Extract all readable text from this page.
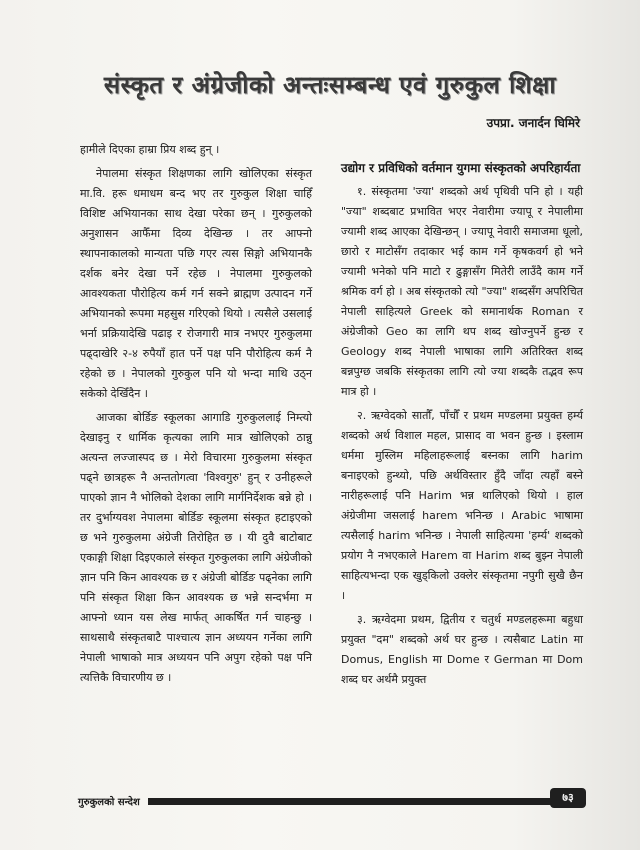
संस्कृत र अंग्रेजीको अन्तःसम्बन्ध एवं गुरुकुल शिक्षा
उपप्रा. जनार्दन घिमिरे

हामीले दिएका हाम्रा प्रिय शब्द हुन् ।

नेपालमा संस्कृत शिक्षणका लागि खोलिएका संस्कृत मा.वि. हरू धमाधम बन्द भए तर गुरुकुल शिक्षा चाहिँ विशिष्ट अभियानका साथ देखा परेका छन् । गुरुकुलको अनुशासन आफैँमा दिव्य देखिन्छ । तर आफ्नो स्थापनाकालको मान्यता पछि गएर त्यस सिङ्गो अभियानकै दर्शक बनेर देखा पर्ने रहेछ । नेपालमा गुरुकुलको आवश्यकता पौरोहित्य कर्म गर्न सक्ने ब्राह्मण उत्पादन गर्ने अभियानको रूपमा महसुस गरिएको थियो । त्यसैले उसलाई भर्ना प्रक्रियादेखि पढाइ र रोजगारी मात्र नभएर गुरुकुलमा पढ्दाखेरि २-४ रुपैयाँ हात पर्ने पक्ष पनि पौरोहित्य कर्म नै रहेको छ । नेपालको गुरुकुल पनि यो भन्दा माथि उठ्न सकेको देखिँदैन ।

आजका बोर्डिङ स्कूलका आगाडि गुरुकुललाई निम्त्यो देखाइनु र धार्मिक कृत्यका लागि मात्र खोलिएको ठान्नु अत्यन्त लज्जास्पद छ । मेरो विचारमा गुरुकुलमा संस्कृत पढ्ने छात्रहरू नै अन्ततोगत्वा 'विश्वगुरु' हुन् र उनीहरूले पाएको ज्ञान नै भोलिको देशका लागि मार्गनिर्देशक बन्ने हो । तर दुर्भाग्यवश नेपालमा बोर्डिङ स्कूलमा संस्कृत हटाइएको छ भने गुरुकुलमा अंग्रेजी तिरोहित छ । यी दुवै बाटोबाट एकाङ्गी शिक्षा दिइएकाले संस्कृत गुरुकुलका लागि अंग्रेजीको ज्ञान पनि किन आवश्यक छ र अंग्रेजी बोर्डिङ पढ्नेका लागि पनि संस्कृत शिक्षा किन आवश्यक छ भन्ने सन्दर्भमा म आफ्नो ध्यान यस लेख मार्फत् आकर्षित गर्न चाहन्छु । साथसाथै संस्कृतबाटै पाश्चात्य ज्ञान अध्ययन गर्नेका लागि नेपाली भाषाको मात्र अध्ययन पनि अपुग रहेको पक्ष पनि त्यत्तिकै विचारणीय छ ।

उद्योग र प्रविधिको वर्तमान युगमा संस्कृतको अपरिहार्यता

१. संस्कृतमा 'ज्या' शब्दको अर्थ पृथिवी पनि हो । यही "ज्या" शब्दबाट प्रभावित भएर नेवारीमा ज्यापू र नेपालीमा ज्यामी शब्द आएका देखिन्छन् । ज्यापू नेवारी समाजमा धूलो, छारो र माटोसँग तदाकार भई काम गर्ने कृषकवर्ग हो भने ज्यामी भनेको पनि माटो र ढुङ्गासँग मितेरी लाउँदै काम गर्ने श्रमिक वर्ग हो । अब संस्कृतको त्यो "ज्या" शब्दसँग अपरिचित नेपाली साहित्यले Greek को समानार्थक Roman र अंग्रेजीको Geo का लागि थप शब्द खोज्नुपर्ने हुन्छ र Geology शब्द नेपाली भाषाका लागि अतिरिक्त शब्द बन्नपुग्छ जबकि संस्कृतका लागि त्यो ज्या शब्दकै तद्भव रूप मात्र हो ।

२. ऋग्वेदको सातौँ, पाँचौँ र प्रथम मण्डलमा प्रयुक्त हर्म्य शब्दको अर्थ विशाल महल, प्रासाद वा भवन हुन्छ । इस्लाम धर्ममा मुस्लिम महिलाहरूलाई बस्नका लागि harim बनाइएको हुन्थ्यो, पछि अर्थविस्तार हुँदै जाँदा त्यहाँ बस्ने नारीहरूलाई पनि Harim भन्न थालिएको थियो । हाल अंग्रेजीमा जसलाई harem भनिन्छ । Arabic भाषामा त्यसैलाई harim भनिन्छ । नेपाली साहित्यमा 'हर्म्य' शब्दको प्रयोग नै नभएकाले Harem वा Harim शब्द बुझ्न नेपाली साहित्यभन्दा एक खुड्किलो उक्लेर संस्कृतमा नपुगी सुखै छैन ।

३. ऋग्वेदमा प्रथम, द्वितीय र चतुर्थ मण्डलहरूमा बहुधा प्रयुक्त "दम" शब्दको अर्थ घर हुन्छ । त्यसैबाट Latin मा Domus, English मा Dome र German मा Dom शब्द घर अर्थमै प्रयुक्त

गुरुकुलको सन्देश	७३
